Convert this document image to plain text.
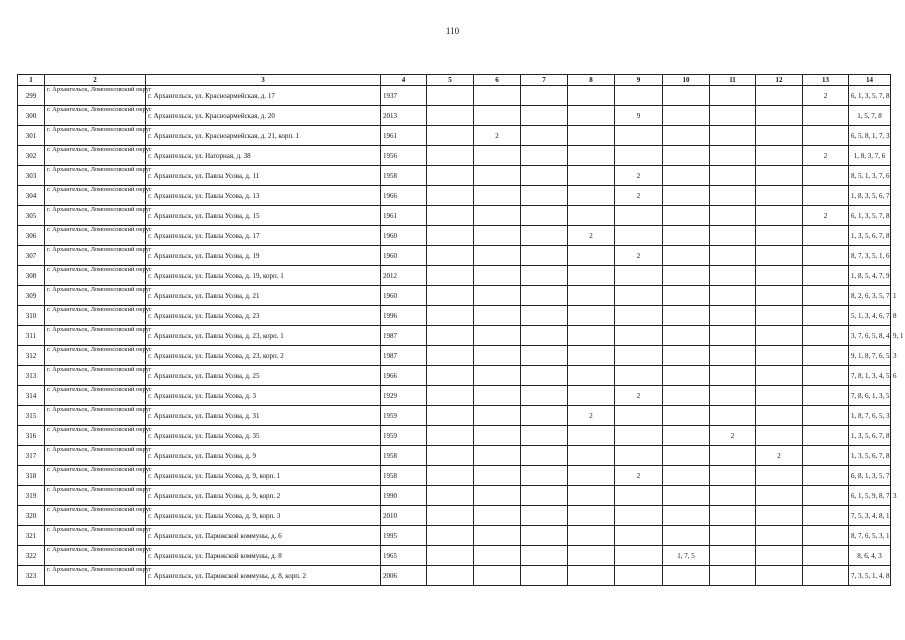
110
1	2	3	4	5	6	7	8	9	10	11	12	13	14
299	г. Архангельск, Ломоносовский округ	г. Архангельск, ул. Красноармейская, д. 17	1937									2	6, 1, 3, 5, 7, 8
300	г. Архангельск, Ломоносовский округ	г. Архангельск, ул. Красноармейская, д. 20	2013					9					1, 5, 7, 8
301	г. Архангельск, Ломоносовский округ	г. Архангельск, ул. Красноармейская, д. 21, корп. 1	1961		2								6, 5, 8, 1, 7, 3
302	г. Архангельск, Ломоносовский округ	г. Архангельск, ул. Нагорная, д. 38	1956									2	1, 8, 3, 7, 6
303	г. Архангельск, Ломоносовский округ	г. Архангельск, ул. Павла Усова, д. 11	1958					2					8, 5, 1, 3, 7, 6
304	г. Архангельск, Ломоносовский округ	г. Архангельск, ул. Павла Усова, д. 13	1966					2					1, 8, 3, 5, 6, 7
305	г. Архангельск, Ломоносовский округ	г. Архангельск, ул. Павла Усова, д. 15	1961									2	6, 1, 3, 5, 7, 8
306	г. Архангельск, Ломоносовский округ	г. Архангельск, ул. Павла Усова, д. 17	1960				2						1, 3, 5, 6, 7, 8
307	г. Архангельск, Ломоносовский округ	г. Архангельск, ул. Павла Усова, д. 19	1960					2					8, 7, 3, 5, 1, 6
308	г. Архангельск, Ломоносовский округ	г. Архангельск, ул. Павла Усова, д. 19, корп. 1	2012										1, 8, 5, 4, 7, 9
309	г. Архангельск, Ломоносовский округ	г. Архангельск, ул. Павла Усова, д. 21	1960										8, 2, 6, 3, 5, 7, 1
310	г. Архангельск, Ломоносовский округ	г. Архангельск, ул. Павла Усова, д. 23	1996										5, 1, 3, 4, 6, 7, 8
311	г. Архангельск, Ломоносовский округ	г. Архангельск, ул. Павла Усова, д. 23, корп. 1	1987										3, 7, 6, 5, 8, 4, 9, 1
312	г. Архангельск, Ломоносовский округ	г. Архангельск, ул. Павла Усова, д. 23, корп. 2	1987										9, 1, 8, 7, 6, 5, 3
313	г. Архангельск, Ломоносовский округ	г. Архангельск, ул. Павла Усова, д. 25	1966										7, 8, 1, 3, 4, 5, 6
314	г. Архангельск, Ломоносовский округ	г. Архангельск, ул. Павла Усова, д. 3	1929					2					7, 8, 6, 1, 3, 5
315	г. Архангельск, Ломоносовский округ	г. Архангельск, ул. Павла Усова, д. 31	1959				2						1, 8, 7, 6, 5, 3
316	г. Архангельск, Ломоносовский округ	г. Архангельск, ул. Павла Усова, д. 35	1959							2			1, 3, 5, 6, 7, 8
317	г. Архангельск, Ломоносовский округ	г. Архангельск, ул. Павла Усова, д. 9	1958								2		1, 3, 5, 6, 7, 8
318	г. Архангельск, Ломоносовский округ	г. Архангельск, ул. Павла Усова, д. 9, корп. 1	1958					2					6, 8, 1, 3, 5, 7
319	г. Архангельск, Ломоносовский округ	г. Архангельск, ул. Павла Усова, д. 9, корп. 2	1990										6, 1, 5, 9, 8, 7, 3
320	г. Архангельск, Ломоносовский округ	г. Архангельск, ул. Павла Усова, д. 9, корп. 3	2010										7, 5, 3, 4, 8, 1
321	г. Архангельск, Ломоносовский округ	г. Архангельск, ул. Парижской коммуны, д. 6	1995										8, 7, 6, 5, 3, 1
322	г. Архангельск, Ломоносовский округ	г. Архангельск, ул. Парижской коммуны, д. 8	1965						1, 7, 5				8, 6, 4, 3
323	г. Архангельск, Ломоносовский округ	г. Архангельск, ул. Парижской коммуны, д. 8, корп. 2	2006										7, 3, 5, 1, 4, 8
